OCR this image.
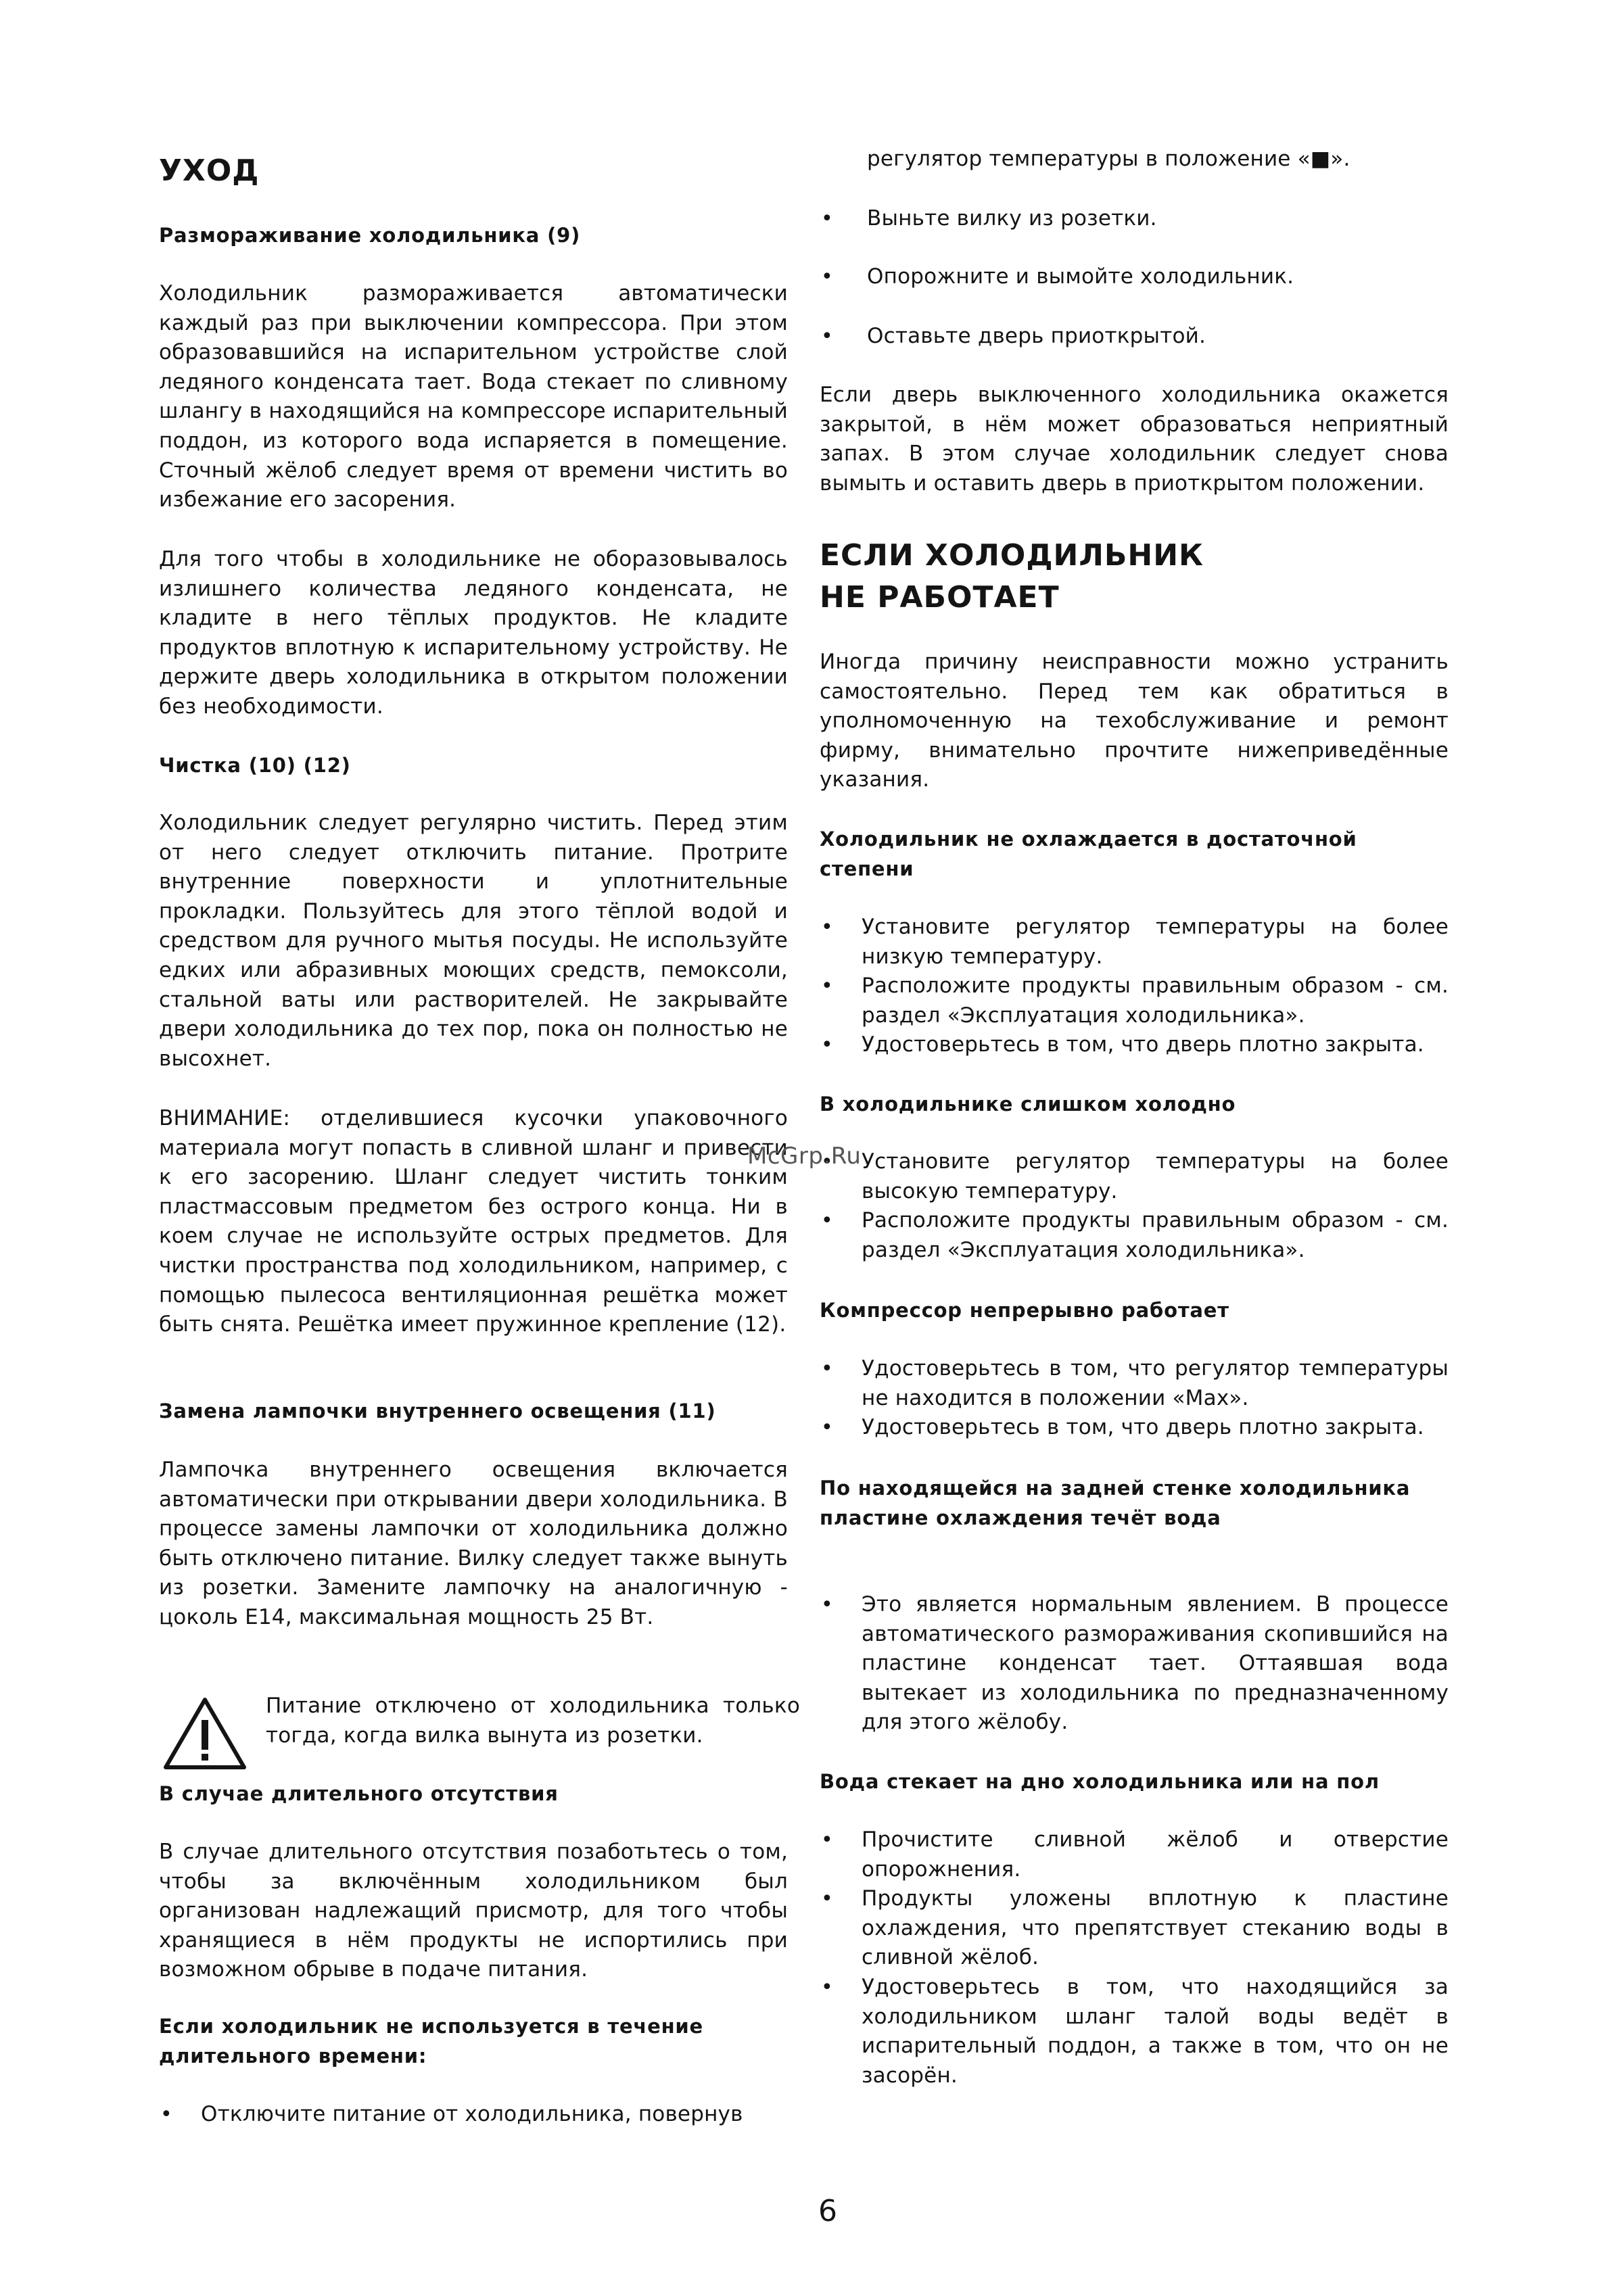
УХОД
Размораживание холодильника (9)

Холодильник размораживается автоматически каждый раз при выключении компрессора. При этом образовавшийся на испарительном устройстве слой ледяного конденсата тает. Вода стекает по сливному шлангу в находящийся на компрессоре испарительный поддон, из которого вода испаряется в помещение. Сточный жёлоб следует время от времени чистить во избежание его засорения.

Для того чтобы в холодильнике не оборазовывалось излишнего количества ледяного конденсата, не кладите в него тёплых продуктов. Не кладите продуктов вплотную к испарительному устройству. Не держите дверь холодильника в открытом положении без необходимости.

Чистка (10) (12)

Холодильник следует регулярно чистить. Перед этим от него следует отключить питание. Протрите внутренние поверхности и уплотнительные прокладки. Пользуйтесь для этого тёплой водой и средством для ручного мытья посуды. Не используйте едких или абразивных моющих средств, пемоксоли, стальной ваты или растворителей. Не закрывайте двери холодильника до тех пор, пока он полностью не высохнет.

ВНИМАНИЕ: отделившиеся кусочки упаковочного материала могут попасть в сливной шланг и привести к его засорению. Шланг следует чистить тонким пластмассовым предметом без острого конца. Ни в коем случае не используйте острых предметов. Для чистки пространства под холодильником, например, с помощью пылесоса вентиляционная решётка может быть снята. Решётка имеет пружинное крепление (12).

Замена лампочки внутреннего освещения (11)

Лампочка внутреннего освещения включается автоматически при открывании двери холодильника. В процессе замены лампочки от холодильника должно быть отключено питание. Вилку следует также вынуть из розетки. Замените лампочку на аналогичную - цоколь Е14, максимальная мощность 25 Вт.

Питание отключено от холодильника только тогда, когда вилка вынута из розетки.

В случае длительного отсутствия

В случае длительного отсутствия позаботьтесь о том, чтобы за включённым холодильником был организован надлежащий присмотр, для того чтобы хранящиеся в нём продукты не испортились при возможном обрыве в подаче питания.

Если холодильник не используется в течение длительного времени:

• Отключите питание от холодильника, повернув

регулятор температуры в положение «■».

• Выньте вилку из розетки.

• Опорожните и вымойте холодильник.

• Оставьте дверь приоткрытой.

Если дверь выключенного холодильника окажется закрытой, в нём может образоваться неприятный запах. В этом случае холодильник следует снова вымыть и оставить дверь в приоткрытом положении.

ЕСЛИ ХОЛОДИЛЬНИК НЕ РАБОТАЕТ

Иногда причину неисправности можно устранить самостоятельно. Перед тем как обратиться в уполномоченную на техобслуживание и ремонт фирму, внимательно прочтите нижеприведённые указания.

Холодильник не охлаждается в достаточной степени

• Установите регулятор температуры на более низкую температуру.

• Расположите продукты правильным образом - см. раздел «Эксплуатация холодильника».

• Удостоверьтесь в том, что дверь плотно закрыта.

В холодильнике слишком холодно

• Установите регулятор температуры на более высокую температуру.

• Расположите продукты правильным образом - см. раздел «Эксплуатация холодильника».

Компрессор непрерывно работает

• Удостоверьтесь в том, что регулятор температуры не находится в положении «Max».

• Удостоверьтесь в том, что дверь плотно закрыта.

По находящейся на задней стенке холодильника пластине охлаждения течёт вода

• Это является нормальным явлением. В процессе автоматического размораживания скопившийся на пластине конденсат тает. Оттаявшая вода вытекает из холодильника по предназначенному для этого жёлобу.

Вода стекает на дно холодильника или на пол

• Прочистите сливной жёлоб и отверстие опорожнения.

• Продукты уложены вплотную к пластине охлаждения, что препятствует стеканию воды в сливной жёлоб.

• Удостоверьтесь в том, что находящийся за холодильником шланг талой воды ведёт в испарительный поддон, а также в том, что он не засорён.

McGrp.Ru
6
